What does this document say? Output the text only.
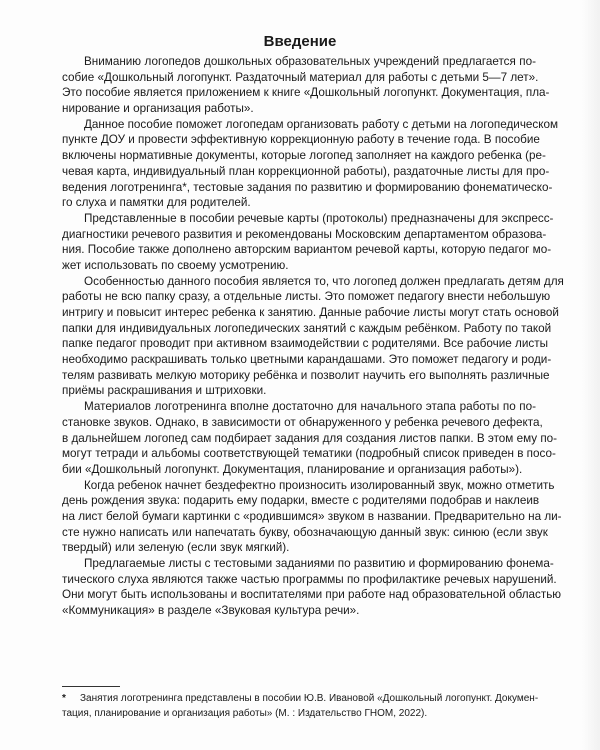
Введение
Вниманию логопедов дошкольных образовательных учреждений предлагается по-
собие «Дошкольный логопункт. Раздаточный материал для работы с детьми 5—7 лет».
Это пособие является приложением к книге «Дошкольный логопункт. Документация, пла-
нирование и организация работы».
Данное пособие поможет логопедам организовать работу с детьми на логопедическом
пункте ДОУ и провести эффективную коррекционную работу в течение года. В пособие
включены нормативные документы, которые логопед заполняет на каждого ребенка (ре-
чевая карта, индивидуальный план коррекционной работы), раздаточные листы для про-
ведения логотренинга*, тестовые задания по развитию и формированию фонематическо-
го слуха и памятки для родителей.
Представленные в пособии речевые карты (протоколы) предназначены для экспресс-
диагностики речевого развития и рекомендованы Московским департаментом образова-
ния. Пособие также дополнено авторским вариантом речевой карты, которую педагог мо-
жет использовать по своему усмотрению.
Особенностью данного пособия является то, что логопед должен предлагать детям для
работы не всю папку сразу, а отдельные листы. Это поможет педагогу внести небольшую
интригу и повысит интерес ребенка к занятию. Данные рабочие листы могут стать основой
папки для индивидуальных логопедических занятий с каждым ребёнком. Работу по такой
папке педагог проводит при активном взаимодействии с родителями. Все рабочие листы
необходимо раскрашивать только цветными карандашами. Это поможет педагогу и роди-
телям развивать мелкую моторику ребёнка и позволит научить его выполнять различные
приёмы раскрашивания и штриховки.
Материалов логотренинга вполне достаточно для начального этапа работы по по-
становке звуков. Однако, в зависимости от обнаруженного у ребенка речевого дефекта,
в дальнейшем логопед сам подбирает задания для создания листов папки. В этом ему по-
могут тетради и альбомы соответствующей тематики (подробный список приведен в посо-
бии «Дошкольный логопункт. Документация, планирование и организация работы»).
Когда ребенок начнет бездефектно произносить изолированный звук, можно отметить
день рождения звука: подарить ему подарки, вместе с родителями подобрав и наклеив
на лист белой бумаги картинки с «родившимся» звуком в названии. Предварительно на ли-
сте нужно написать или напечатать букву, обозначающую данный звук: синюю (если звук
твердый) или зеленую (если звук мягкий).
Предлагаемые листы с тестовыми заданиями по развитию и формированию фонема-
тического слуха являются также частью программы по профилактике речевых нарушений.
Они могут быть использованы и воспитателями при работе над образовательной областью
«Коммуникация» в разделе «Звуковая культура речи».
* Занятия логотренинга представлены в пособии Ю.В. Ивановой «Дошкольный логопункт. Докумен-
тация, планирование и организация работы» (М. : Издательство ГНОМ, 2022).
